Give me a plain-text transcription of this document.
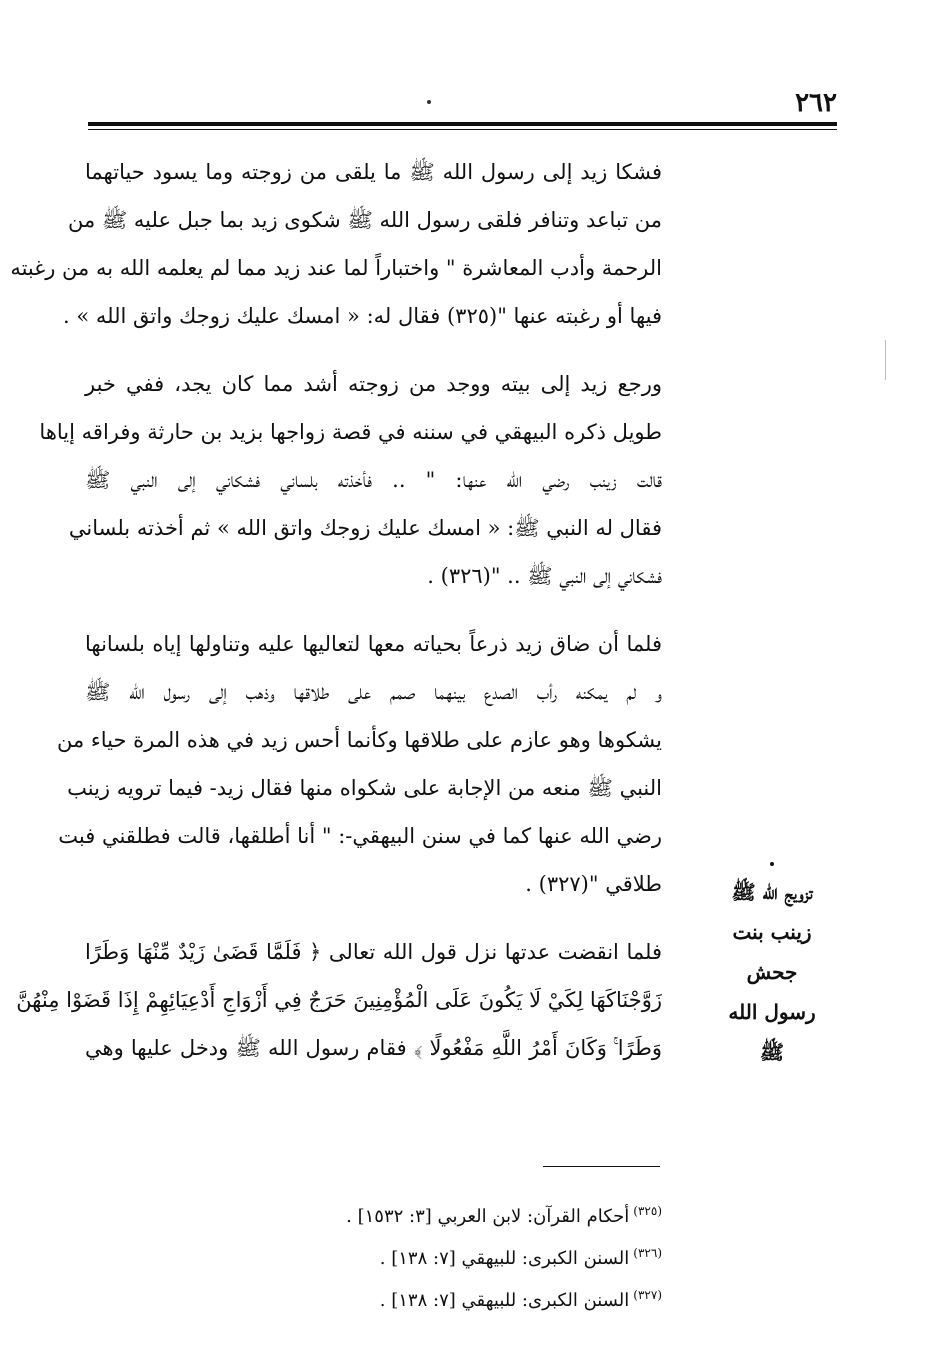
٢٦٢

فشكا زيد إلى رسول الله ﷺ ما يلقى من زوجته وما يسود حياتهما
من تباعد وتنافر فلقى رسول الله ﷺ شكوى زيد بما جبل عليه ﷺ من
الرحمة وأدب المعاشرة " واختباراً لما عند زيد مما لم يعلمه الله به من رغبته
فيها أو رغبته عنها "(٣٢٥) فقال له: « امسك عليك زوجك واتق الله » .

ورجع زيد إلى بيته ووجد من زوجته أشد مما كان يجد، ففي خبر
طويل ذكره البيهقي في سننه في قصة زواجها بزيد بن حارثة وفراقه إياها
قالت زينب رضي الله عنها: " .. فأخذته بلساني فشكاني إلى النبي ﷺ
فقال له النبي ﷺ: « امسك عليك زوجك واتق الله » ثم أخذته بلساني
فشكاني إلى النبي ﷺ .. "(٣٢٦) .

فلما أن ضاق زيد ذرعاً بحياته معها لتعاليها عليه وتناولها إياه بلسانها
و لم يمكنه رأب الصدع بينهما صمم على طلاقها وذهب إلى رسول الله ﷺ
يشكوها وهو عازم على طلاقها وكأنما أحس زيد في هذه المرة حياء من
النبي ﷺ منعه من الإجابة على شكواه منها فقال زيد- فيما ترويه زينب
رضي الله عنها كما في سنن البيهقي-: " أنا أطلقها، قالت فطلقني فبت
طلاقي "(٣٢٧) .

فلما انقضت عدتها نزل قول الله تعالى ﴿ فَلَمَّا قَضَىٰ زَيْدٌ مِّنْهَا وَطَرًا
زَوَّجْنَاكَهَا لِكَيْ لَا يَكُونَ عَلَى الْمُؤْمِنِينَ حَرَجٌ فِي أَزْوَاجِ أَدْعِيَائِهِمْ إِذَا قَضَوْا مِنْهُنَّ
وَطَرًا ۚ وَكَانَ أَمْرُ اللَّهِ مَفْعُولًا ﴾ فقام رسول الله ﷺ ودخل عليها وهي

تزويج الله ﷺ
زينب بنت
جحش
رسول الله
ﷺ
$^{(٣٢٥)}$أحكام القرآن: لابن العربي [٣: ١٥٣٢] .
$^{(٣٢٦)}$السنن الكبرى: للبيهقي [٧: ١٣٨] .
$^{(٣٢٧)}$السنن الكبرى: للبيهقي [٧: ١٣٨] .
